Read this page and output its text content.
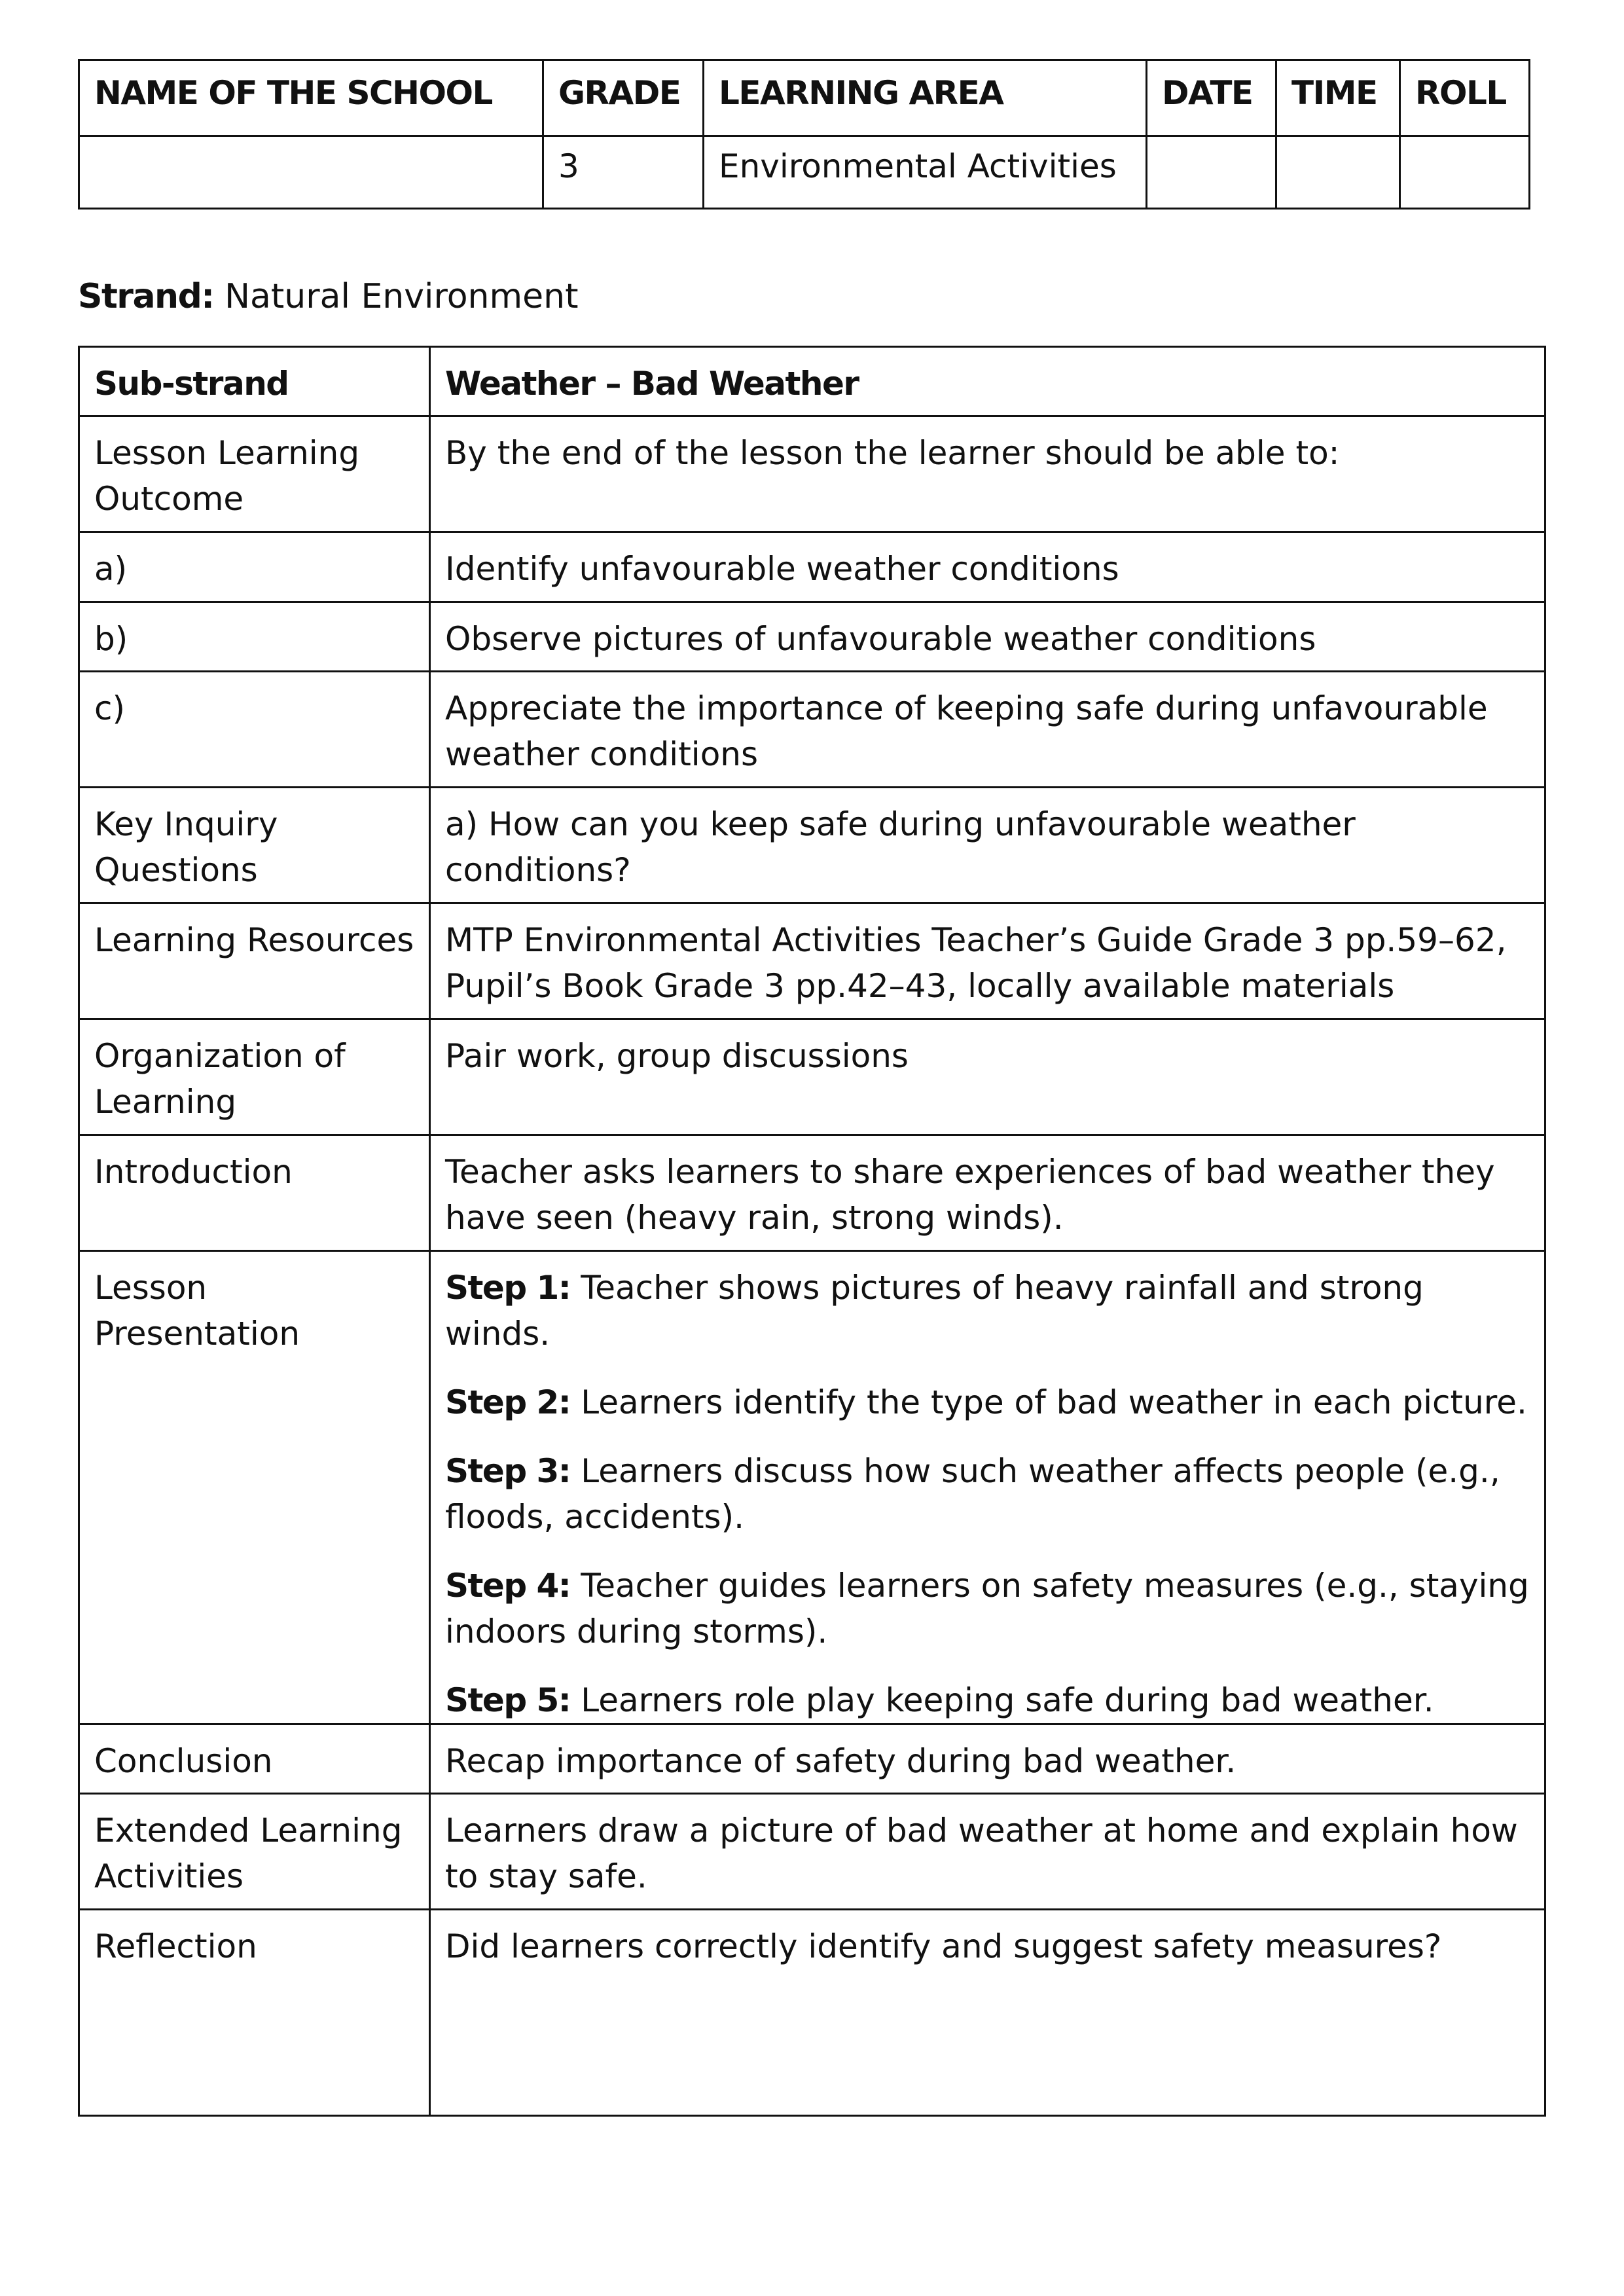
NAME OF THE SCHOOL	GRADE	LEARNING AREA	DATE	TIME	ROLL
	3	Environmental Activities			
Strand: Natural Environment
Sub-strand	Weather – Bad Weather
Lesson Learning Outcome	By the end of the lesson the learner should be able to:
a)	Identify unfavourable weather conditions
b)	Observe pictures of unfavourable weather conditions
c)	Appreciate the importance of keeping safe during unfavourable weather conditions
Key Inquiry Questions	a) How can you keep safe during unfavourable weather conditions?
Learning Resources	MTP Environmental Activities Teacher’s Guide Grade 3 pp.59–62, Pupil’s Book Grade 3 pp.42–43, locally available materials
Organization of Learning	Pair work, group discussions
Introduction	Teacher asks learners to share experiences of bad weather they have seen (heavy rain, strong winds).
Lesson Presentation	Step 1: Teacher shows pictures of heavy rainfall and strong winds.
Step 2: Learners identify the type of bad weather in each picture.
Step 3: Learners discuss how such weather affects people (e.g., floods, accidents).
Step 4: Teacher guides learners on safety measures (e.g., staying indoors during storms).
Step 5: Learners role play keeping safe during bad weather.

Conclusion	Recap importance of safety during bad weather.
Extended Learning Activities	Learners draw a picture of bad weather at home and explain how to stay safe.
Reflection	Did learners correctly identify and suggest safety measures?
